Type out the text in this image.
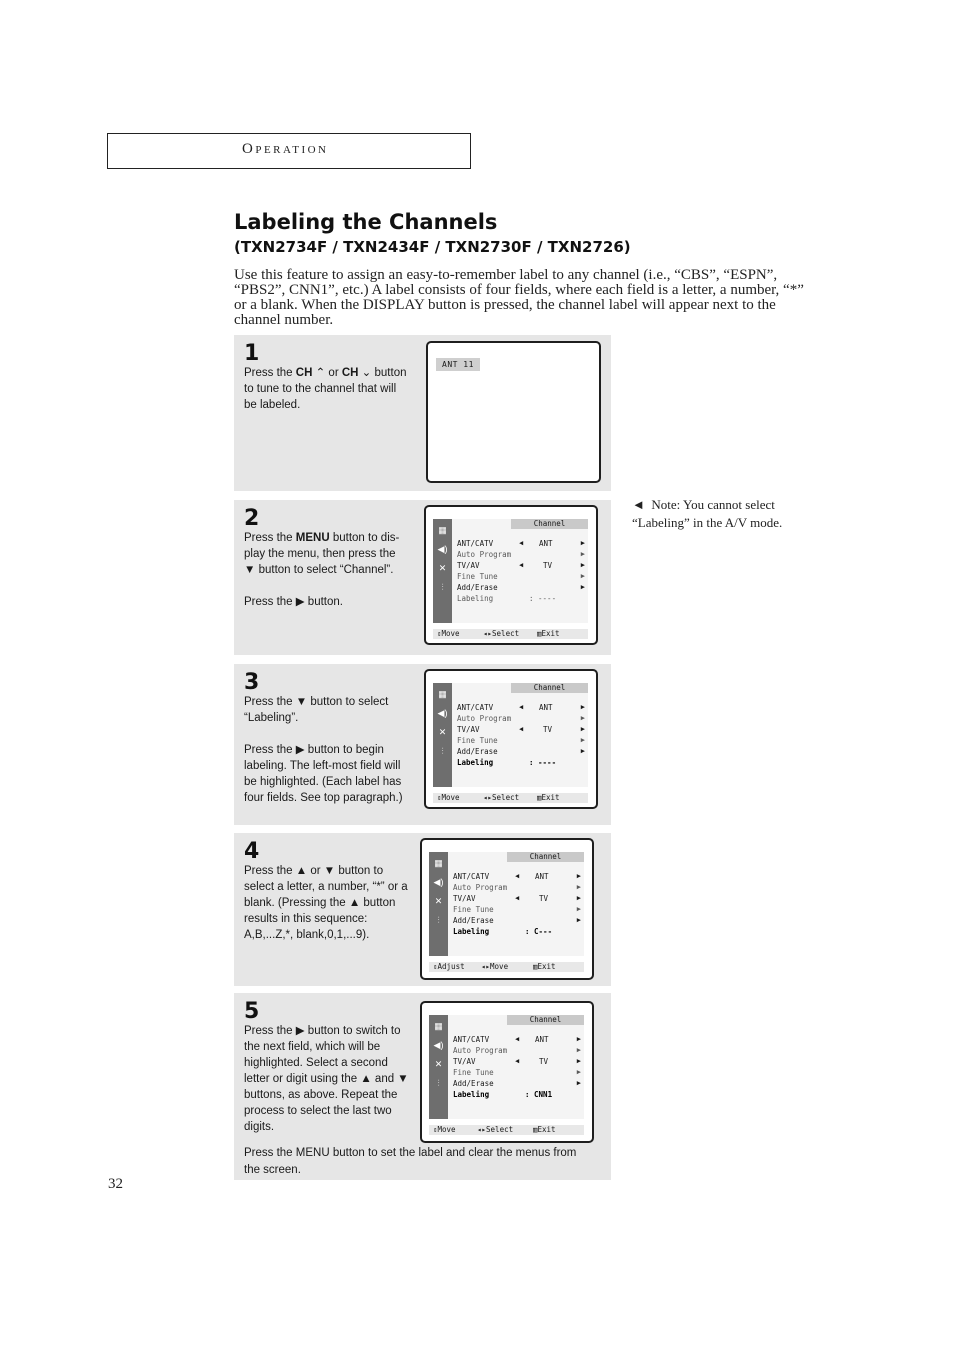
Operation
Labeling the Channels
(TXN2734F / TXN2434F / TXN2730F / TXN2726)

Use this feature to assign an easy-to-remember label to any channel (i.e., “CBS”, “ESPN”, “PBS2”, CNN1”, etc.) A label consists of four fields, where each field is a letter, a number, “*” or a blank. When the DISPLAY button is pressed, the channel label will appear next to the channel number.

1

Press the CH ⌃ or CH ⌄ button to tune to the channel that will be labeled.

ANT 11
2

Press the MENU button to display the menu, then press the ▼ button to select “Channel”.

Press the ▶ button.

▦
◀)
✕
⫶
Channel
ANT/CATV	◀ ANT	▶
Auto Program	▶
TV/AV	◀	TV	▶
Fine Tune	▶
Add/Erase	▶
Labeling	: ----
⇕ Move	◂▸ Select ▥ Exit
3

Press the ▼ button to select “Labeling”.

Press the ▶ button to begin labeling. The left-most field will be highlighted. (Each label has four fields. See top paragraph.)

▦
◀)
✕
⫶
Channel
ANT/CATV	◀ ANT	▶
Auto Program	▶
TV/AV	◀	TV	▶
Fine Tune	▶
Add/Erase	▶
Labeling	: ----
⇕ Move	◂▸ Select ▥ Exit
4

Press the ▲ or ▼ button to select a letter, a number, “*” or a blank. (Pressing the ▲ button results in this sequence: A,B,...Z,*, blank,0,1,...9).

▦
◀)
✕
⫶
Channel
ANT/CATV	◀ ANT	▶
Auto Program	▶
TV/AV	◀	TV	▶
Fine Tune	▶
Add/Erase	▶
Labeling	: C---
⇕ Adjust ◂▸ Move	▥ Exit
5

Press the ▶ button to switch to the next field, which will be highlighted. Select a second letter or digit using the ▲ and ▼ buttons, as above. Repeat the process to select the last two digits.

▦
◀)
✕
⫶
Channel
ANT/CATV	◀ ANT	▶
Auto Program	▶
TV/AV	◀	TV	▶
Fine Tune	▶
Add/Erase	▶
Labeling	: CNN1
⇕ Move	◂▸ Select	▥ Exit
Press the MENU button to set the label and clear the menus from the screen.
◄  Note: You cannot select “Labeling” in the A/V mode.
32
